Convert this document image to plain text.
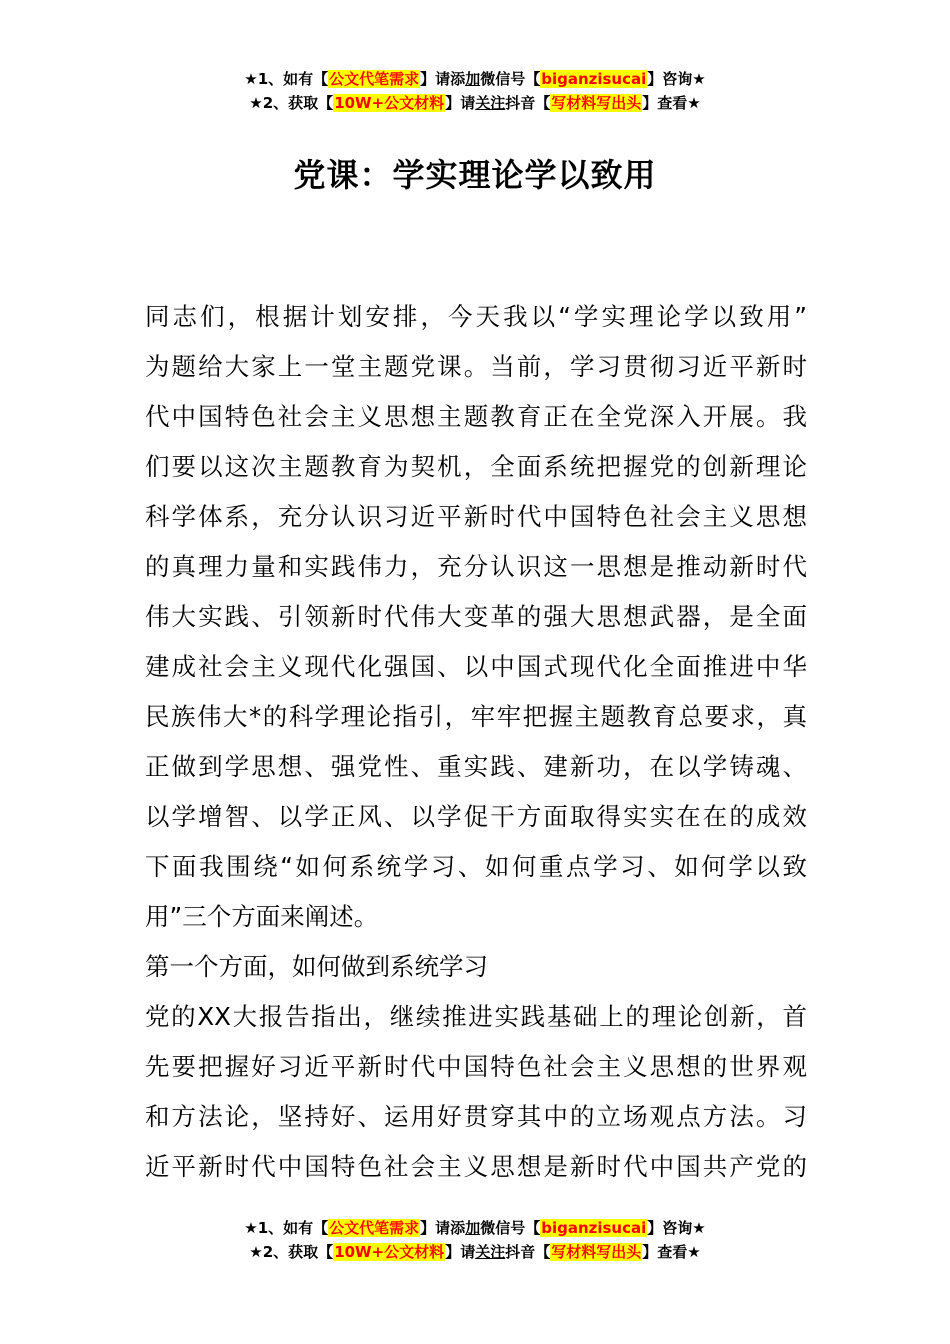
★1、如有【公文代笔需求】请添加微信号【biganzisucai】咨询★
★2、获取【10W+公文材料】请关注抖音【写材料写出头】查看★
党课：学实理论学以致用
同志们，根据计划安排，今天我以“学实理论学以致用”
为题给大家上一堂主题党课。当前，学习贯彻习近平新时
代中国特色社会主义思想主题教育正在全党深入开展。我
们要以这次主题教育为契机，全面系统把握党的创新理论
科学体系，充分认识习近平新时代中国特色社会主义思想
的真理力量和实践伟力，充分认识这一思想是推动新时代
伟大实践、引领新时代伟大变革的强大思想武器，是全面
建成社会主义现代化强国、以中国式现代化全面推进中华
民族伟大*的科学理论指引，牢牢把握主题教育总要求，真
正做到学思想、强党性、重实践、建新功，在以学铸魂、
以学增智、以学正风、以学促干方面取得实实在在的成效
下面我围绕“如何系统学习、如何重点学习、如何学以致
用”三个方面来阐述。
第一个方面，如何做到系统学习
党的XX大报告指出，继续推进实践基础上的理论创新，首
先要把握好习近平新时代中国特色社会主义思想的世界观
和方法论，坚持好、运用好贯穿其中的立场观点方法。习
近平新时代中国特色社会主义思想是新时代中国共产党的
★1、如有【公文代笔需求】请添加微信号【biganzisucai】咨询★
★2、获取【10W+公文材料】请关注抖音【写材料写出头】查看★
